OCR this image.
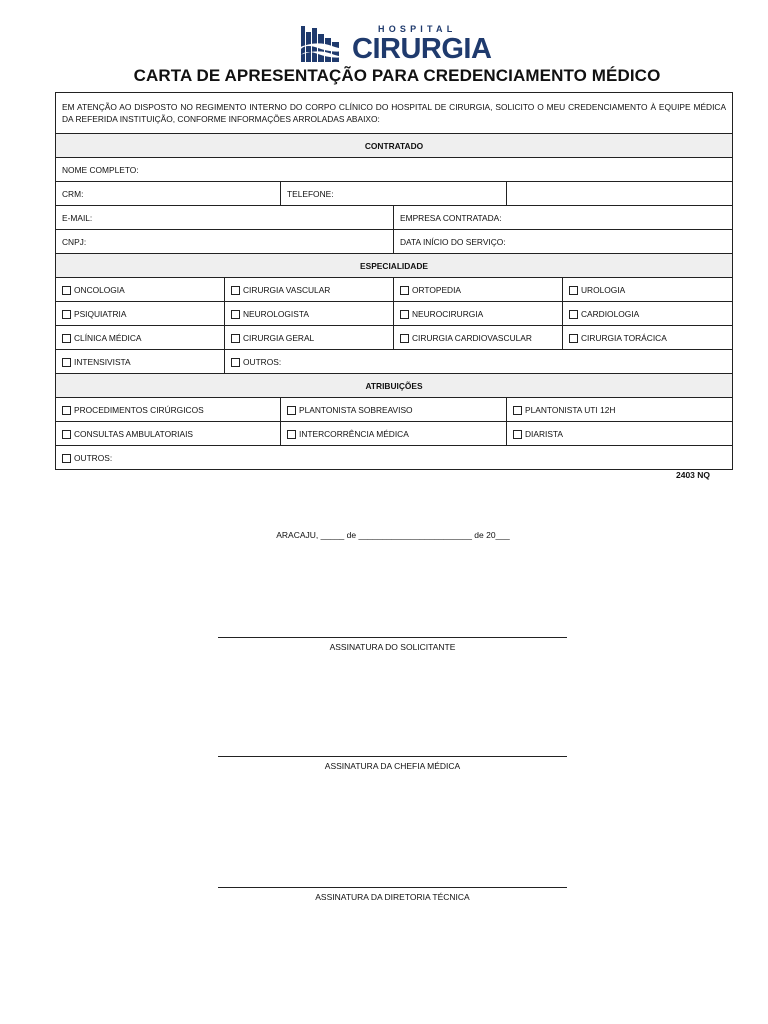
HOSPITAL
CIRURGIA
CARTA DE APRESENTAÇÃO PARA CREDENCIAMENTO MÉDICO
EM ATENÇÃO AO DISPOSTO NO REGIMENTO INTERNO DO CORPO CLÍNICO DO HOSPITAL DE CIRURGIA, SOLICITO O MEU CREDENCIAMENTO À EQUIPE MÉDICA DA REFERIDA INSTITUIÇÃO, CONFORME INFORMAÇÕES ARROLADAS ABAIXO:					
CONTRATADO					
NOME COMPLETO:					
CRM:		TELEFONE:			
E-MAIL:			EMPRESA CONTRATADA:		
CNPJ:			DATA INÍCIO DO SERVIÇO:		
ESPECIALIDADE					
ONCOLOGIA	CIRURGIA VASCULAR		ORTOPEDIA		UROLOGIA
PSIQUIATRIA	NEUROLOGISTA		NEUROCIRURGIA		CARDIOLOGIA
CLÍNICA MÉDICA	CIRURGIA GERAL		CIRURGIA CARDIOVASCULAR		CIRURGIA TORÁCICA
INTENSIVISTA	OUTROS:				
ATRIBUIÇÕES					
PROCEDIMENTOS CIRÚRGICOS		PLANTONISTA SOBREAVISO		PLANTONISTA UTI 12H	
CONSULTAS AMBULATORIAIS		INTERCORRÊNCIA MÉDICA		DIARISTA	
OUTROS:					
2403 NQ
ARACAJU, _____ de ________________________ de 20___
ASSINATURA DO SOLICITANTE
ASSINATURA DA CHEFIA MÉDICA
ASSINATURA DA DIRETORIA TÉCNICA
